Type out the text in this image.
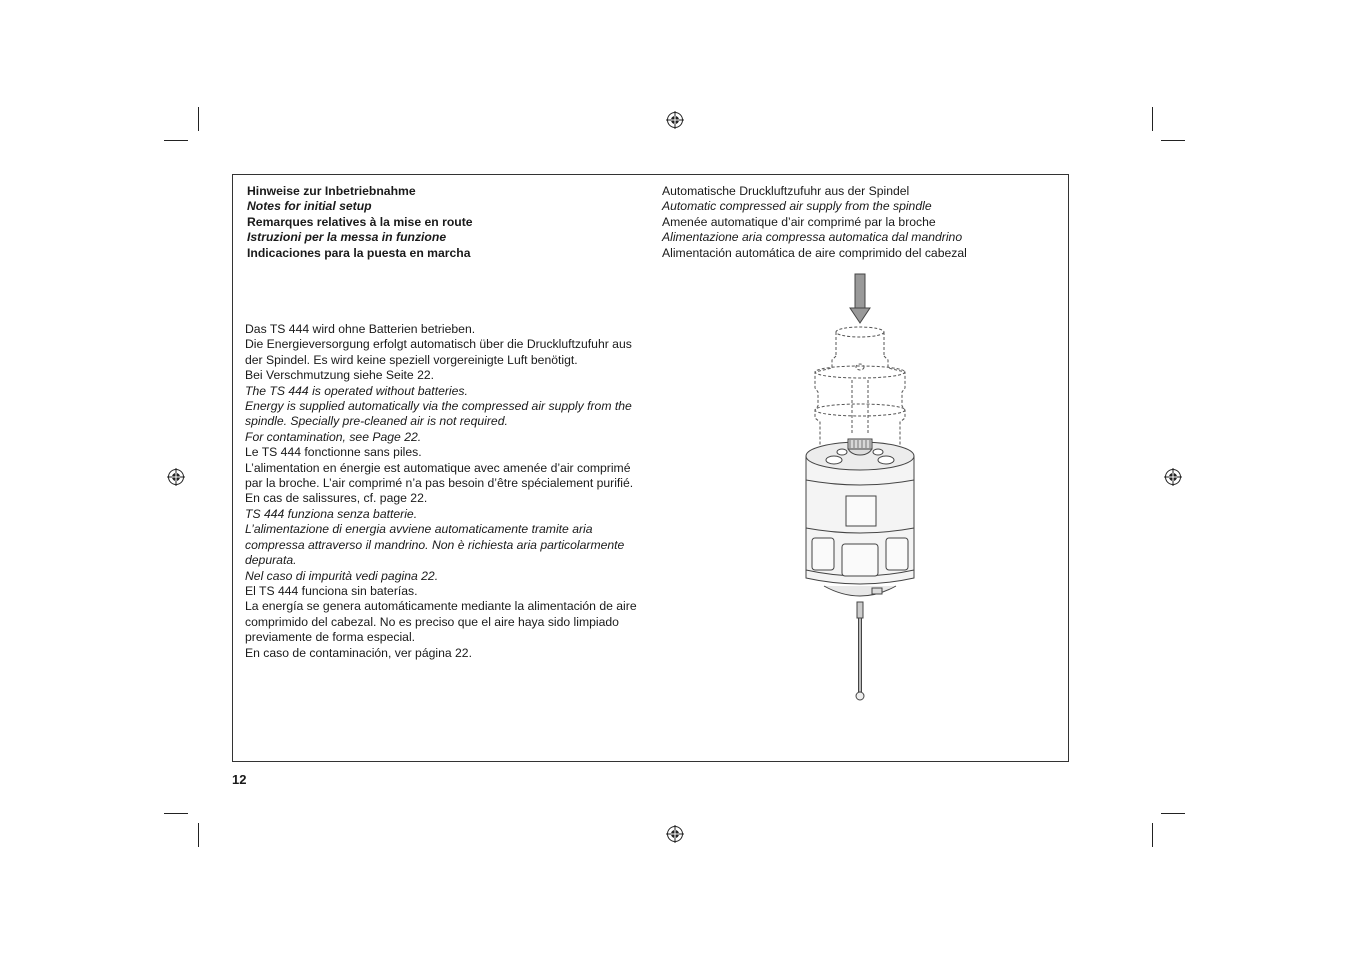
Hinweise zur Inbetriebnahme
Notes for initial setup
Remarques relatives à la mise en route
Istruzioni per la messa in funzione
Indicaciones para la puesta en marcha
Automatische Druckluftzufuhr aus der Spindel
Automatic compressed air supply from the spindle
Amenée automatique d’air comprimé par la broche
Alimentazione aria compressa automatica dal mandrino
Alimentación automática de aire comprimido del cabezal
Das TS 444 wird ohne Batterien betrieben.
Die Energieversorgung erfolgt automatisch über die Druckluftzufuhr aus
der Spindel. Es wird keine speziell vorgereinigte Luft benötigt.
Bei Verschmutzung siehe Seite 22.
The TS 444 is operated without batteries.
Energy is supplied automatically via the compressed air supply from the
spindle. Specially pre-cleaned air is not required.
For contamination, see Page 22.
Le TS 444 fonctionne sans piles.
L’alimentation en énergie est automatique avec amenée d’air comprimé
par la broche. L’air comprimé n’a pas besoin d’être spécialement purifié.
En cas de salissures, cf. page 22.
TS 444 funziona senza batterie.
L’alimentazione di energia avviene automaticamente tramite aria
compressa attraverso il mandrino. Non è richiesta aria particolarmente
depurata.
Nel caso di impurità vedi pagina 22.
El TS 444 funciona sin baterías.
La energía se genera automáticamente mediante la alimentación de aire
comprimido del cabezal. No es preciso que el aire haya sido limpiado
previamente de forma especial.
En caso de contaminación, ver página 22.
12
